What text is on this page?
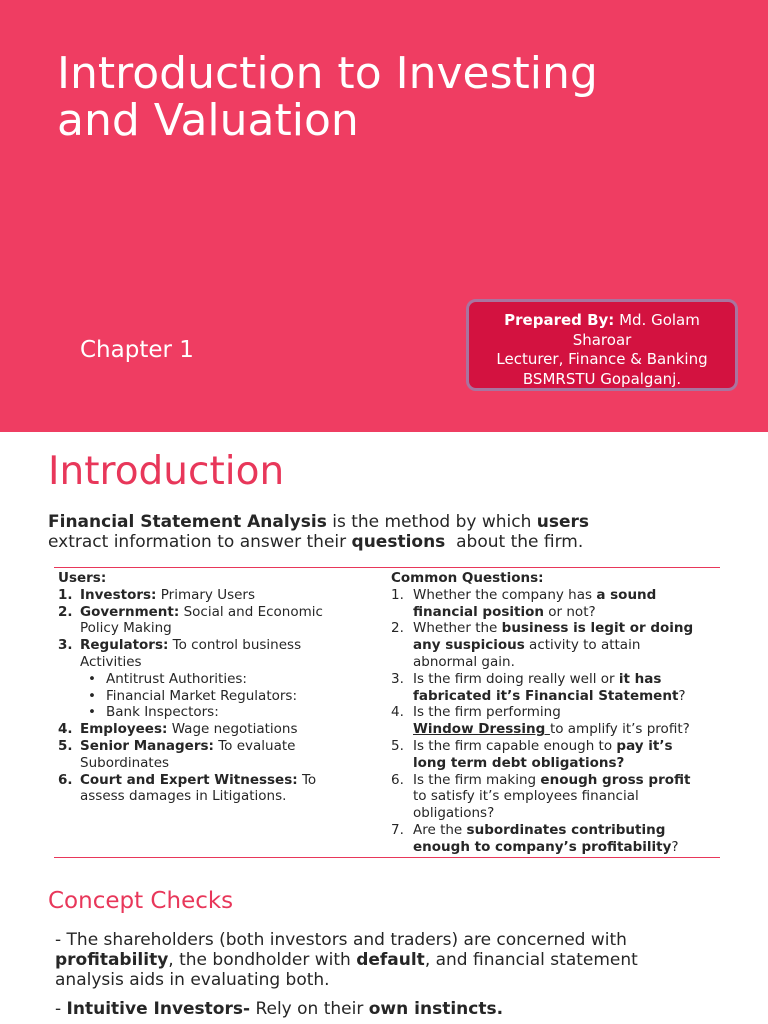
Introduction to Investing
and Valuation
Chapter 1
Prepared By: Md. Golam
Sharoar
Lecturer, Finance & Banking
BSMRSTU Gopalganj.
Introduction
Financial Statement Analysis is the method by which users
extract information to answer their questions  about the firm.
Users:
1. Investors: Primary Users
2. Government: Social and Economic
Policy Making
3. Regulators: To control business
Activities
• Antitrust Authorities:
• Financial Market Regulators:
• Bank Inspectors:
4. Employees: Wage negotiations
5. Senior Managers: To evaluate
Subordinates
6. Court and Expert Witnesses: To
assess damages in Litigations.
Common Questions:
1. Whether the company has a sound
financial position or not?
2. Whether the business is legit or doing
any suspicious activity to attain
abnormal gain.
3. Is the firm doing really well or it has
fabricated it’s Financial Statement?
4. Is the firm performing
Window Dressing to amplify it’s profit?
5. Is the firm capable enough to pay it’s
long term debt obligations?
6. Is the firm making enough gross profit
to satisfy it’s employees financial
obligations?
7. Are the subordinates contributing
enough to company’s profitability?
Concept Checks
- The shareholders (both investors and traders) are concerned with
profitability, the bondholder with default, and financial statement
analysis aids in evaluating both.
- Intuitive Investors- Rely on their own instincts.
